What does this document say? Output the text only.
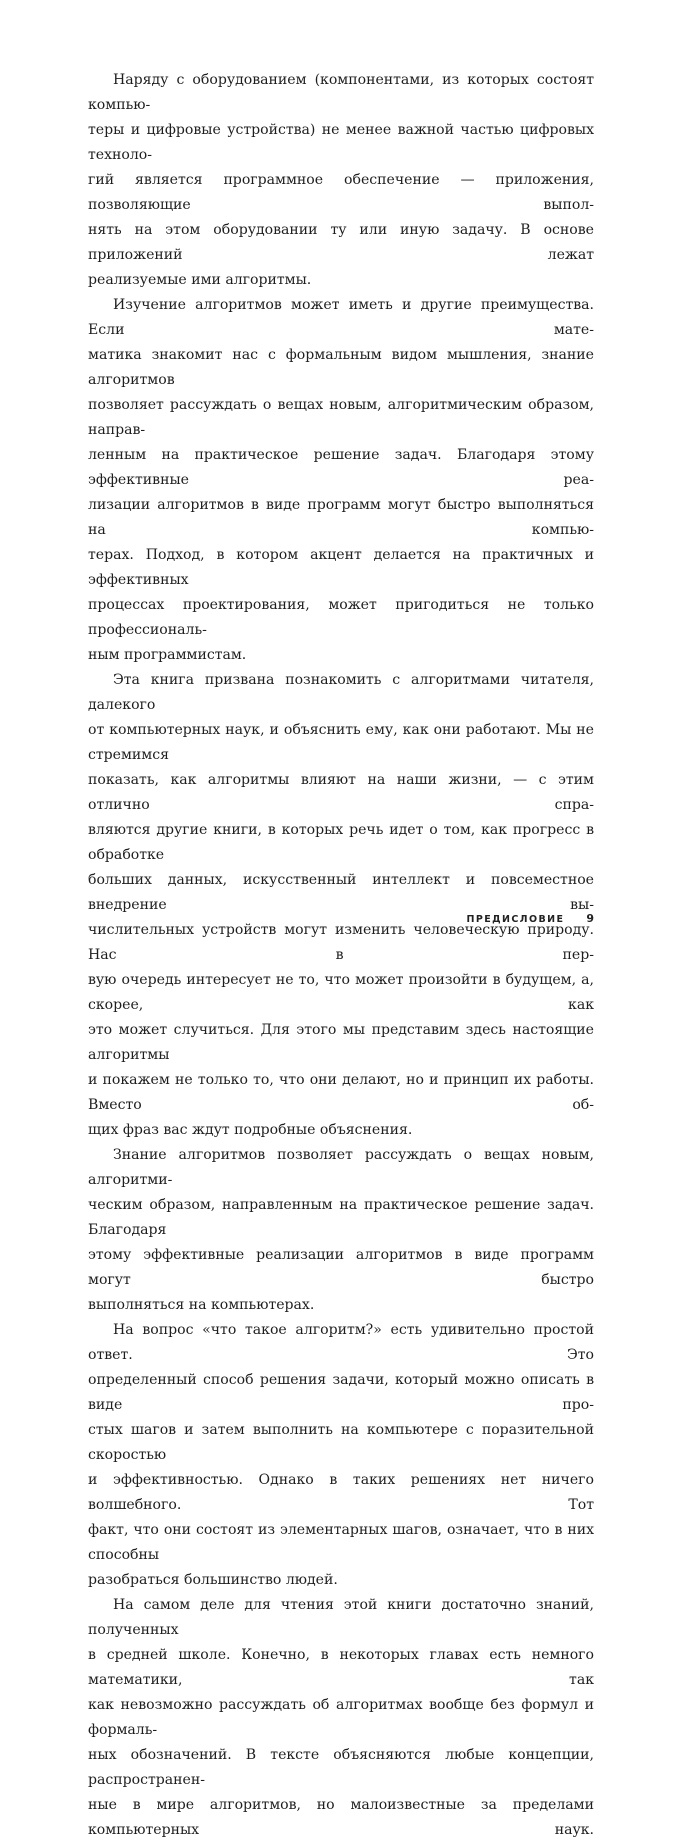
Наряду с оборудованием (компонентами, из которых состоят компью-
теры и цифровые устройства) не менее важной частью цифровых техноло-
гий является программное обеспечение — приложения, позволяющие выпол-
нять на этом оборудовании ту или иную задачу. В основе приложений лежат
реализуемые ими алгоритмы.

Изучение алгоритмов может иметь и другие преимущества. Если мате-
матика знакомит нас с формальным видом мышления, знание алгоритмов
позволяет рассуждать о вещах новым, алгоритмическим образом, направ-
ленным на практическое решение задач. Благодаря этому эффективные реа-
лизации алгоритмов в виде программ могут быстро выполняться на компью-
терах. Подход, в котором акцент делается на практичных и эффективных
процессах проектирования, может пригодиться не только профессиональ-
ным программистам.

Эта книга призвана познакомить с алгоритмами читателя, далекого
от компьютерных наук, и объяснить ему, как они работают. Мы не стремимся
показать, как алгоритмы влияют на наши жизни, — с этим отлично спра-
вляются другие книги, в которых речь идет о том, как прогресс в обработке
больших данных, искусственный интеллект и повсеместное внедрение вы-
числительных устройств могут изменить человеческую природу. Нас в пер-
вую очередь интересует не то, что может произойти в будущем, а, скорее, как
это может случиться. Для этого мы представим здесь настоящие алгоритмы
и покажем не только то, что они делают, но и принцип их работы. Вместо об-
щих фраз вас ждут подробные объяснения.

Знание алгоритмов позволяет рассуждать о вещах новым, алгоритми-
ческим образом, направленным на практическое решение задач. Благодаря
этому эффективные реализации алгоритмов в виде программ могут быстро
выполняться на компьютерах.

На вопрос «что такое алгоритм?» есть удивительно простой ответ. Это
определенный способ решения задачи, который можно описать в виде про-
стых шагов и затем выполнить на компьютере с поразительной скоростью
и эффективностью. Однако в таких решениях нет ничего волшебного. Тот
факт, что они состоят из элементарных шагов, означает, что в них способны
разобраться большинство людей.

На самом деле для чтения этой книги достаточно знаний, полученных
в средней школе. Конечно, в некоторых главах есть немного математики, так
как невозможно рассуждать об алгоритмах вообще без формул и формаль-
ных обозначений. В тексте объясняются любые концепции, распространен-
ные в мире алгоритмов, но малоизвестные за пределами компьютерных наук.

ПРЕДИСЛОВИЕ 9
